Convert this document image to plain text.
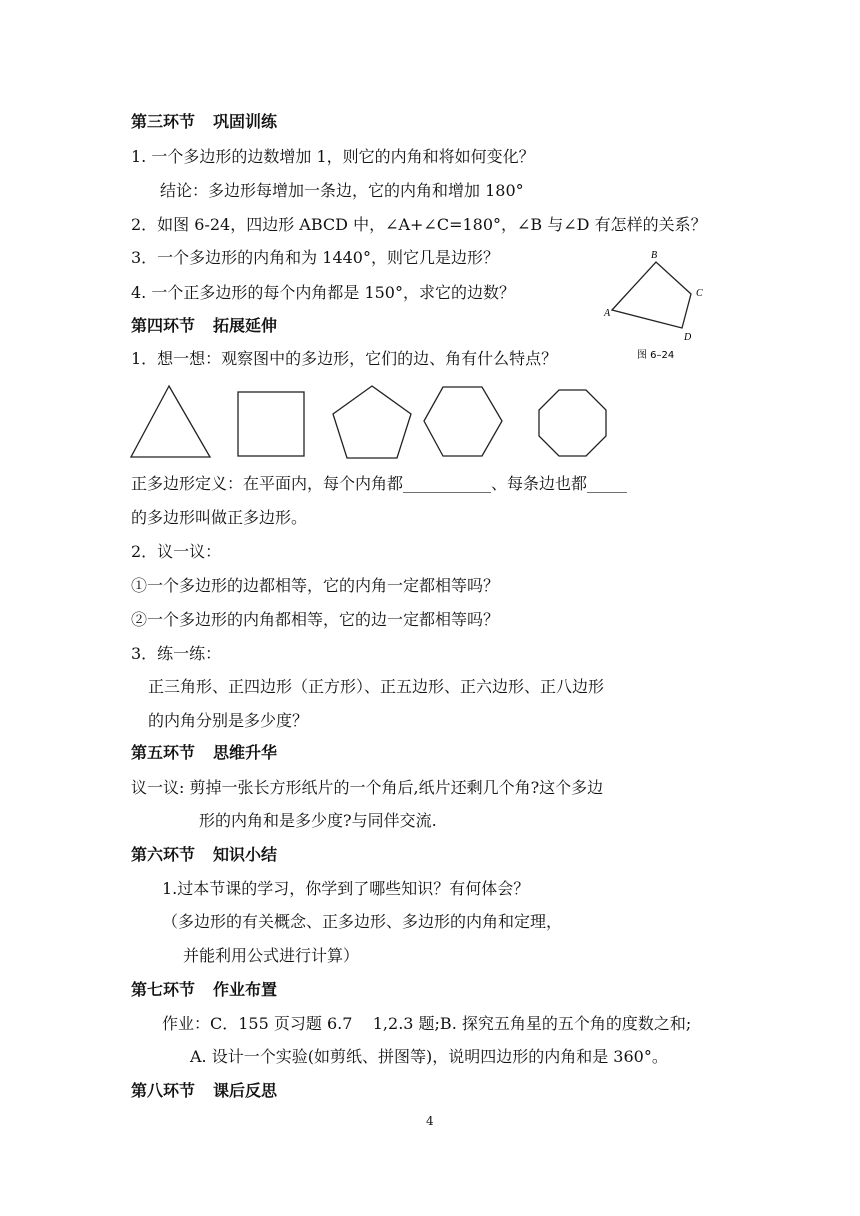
第三环节 巩固训练
1. 一个多边形的边数增加 1，则它的内角和将如何变化？
结论：多边形每增加一条边，它的内角和增加 180°
2．如图 6-24，四边形 ABCD 中，∠A+∠C=180°，∠B 与∠D 有怎样的关系？
3．一个多边形的内角和为 1440°，则它几是边形？
4. 一个正多边形的每个内角都是 150°，求它的边数？
A
B
C
D
图 6–24
第四环节 拓展延伸
1．想一想：观察图中的多边形，它们的边、角有什么特点？
正多边形定义：在平面内，每个内角都___________、每条边也都_____
的多边形叫做正多边形。
2．议一议：
①一个多边形的边都相等，它的内角一定都相等吗？
②一个多边形的内角都相等，它的边一定都相等吗？
3．练一练：
正三角形、正四边形（正方形）、正五边形、正六边形、正八边形
的内角分别是多少度？
第五环节 思维升华
议一议: 剪掉一张长方形纸片的一个角后,纸片还剩几个角?这个多边
形的内角和是多少度?与同伴交流.
第六环节 知识小结
1.过本节课的学习，你学到了哪些知识？有何体会？
（多边形的有关概念、正多边形、多边形的内角和定理，
并能利用公式进行计算）
第七环节 作业布置
作业：C．155 页习题 6.7    1,2.3 题;B. 探究五角星的五个角的度数之和;
A. 设计一个实验(如剪纸、拼图等)，说明四边形的内角和是 360°。
第八环节 课后反思
4
